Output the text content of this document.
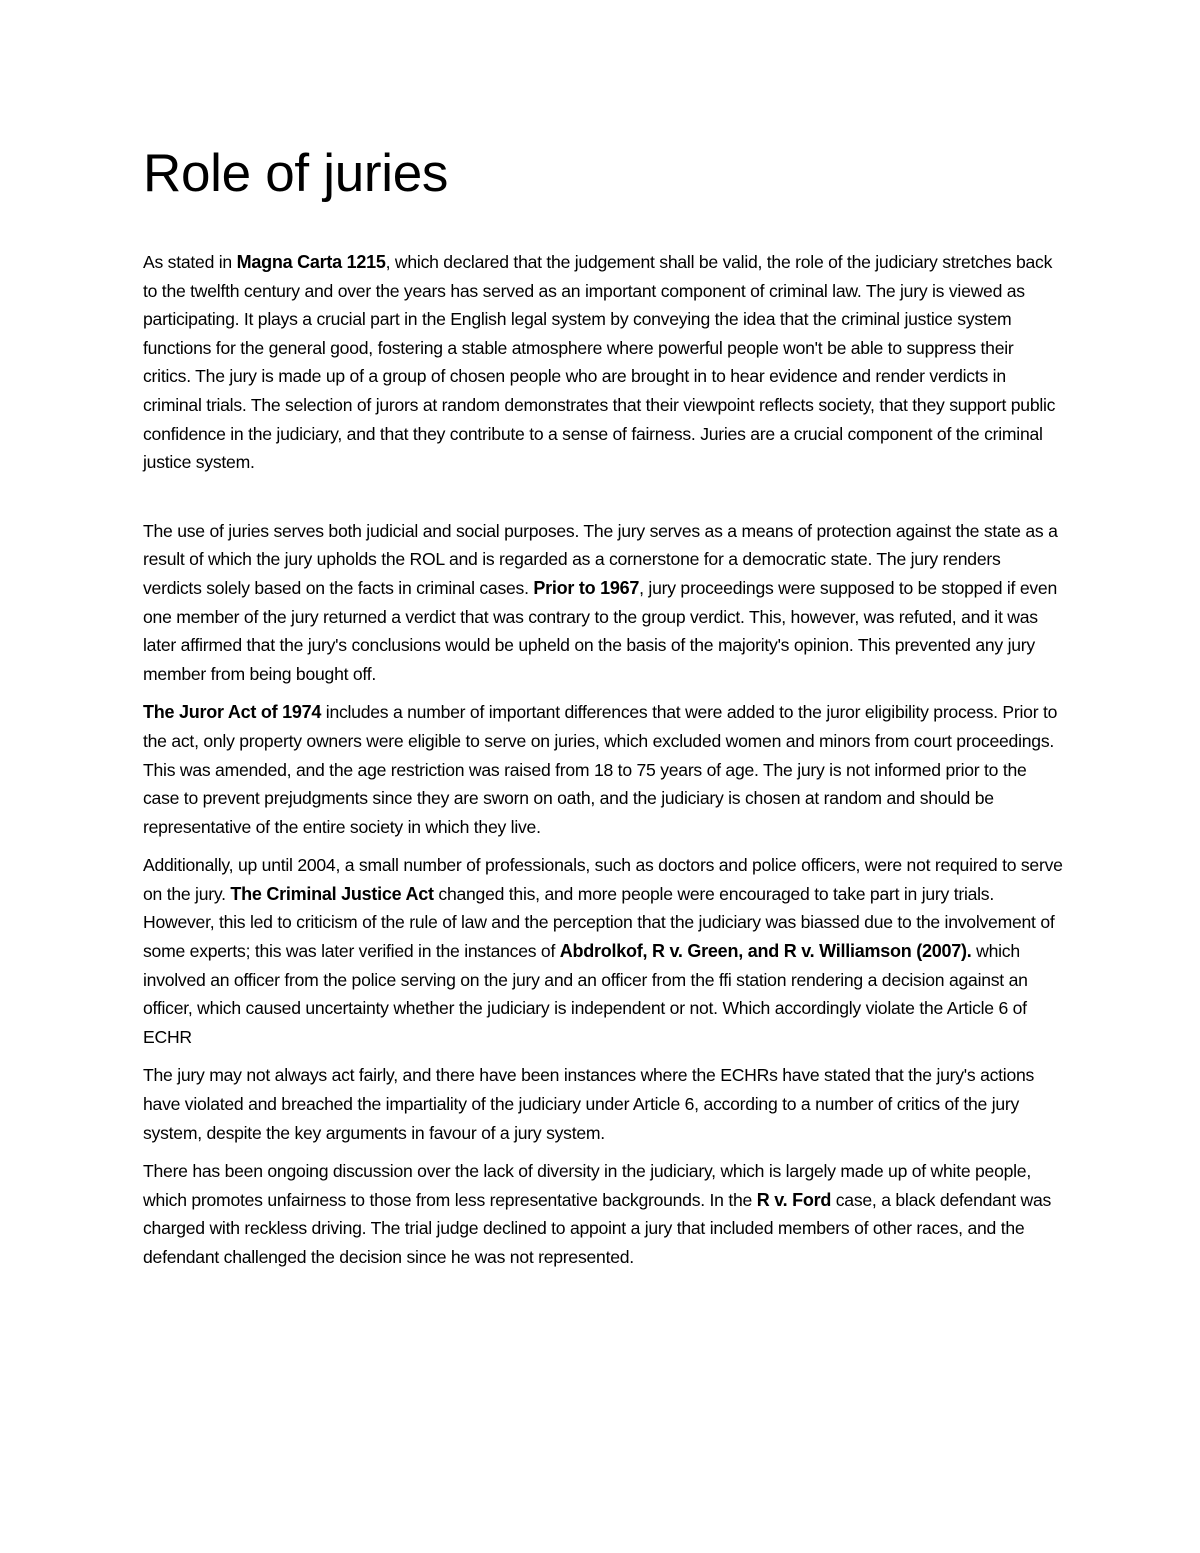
Role of juries

As stated in Magna Carta 1215, which declared that the judgement shall be valid, the role of the judiciary stretches back to the twelfth century and over the years has served as an important component of criminal law. The jury is viewed as participating. It plays a crucial part in the English legal system by conveying the idea that the criminal justice system functions for the general good, fostering a stable atmosphere where powerful people won't be able to suppress their critics. The jury is made up of a group of chosen people who are brought in to hear evidence and render verdicts in criminal trials. The selection of jurors at random demonstrates that their viewpoint reflects society, that they support public confidence in the judiciary, and that they contribute to a sense of fairness. Juries are a crucial component of the criminal justice system.

The use of juries serves both judicial and social purposes. The jury serves as a means of protection against the state as a result of which the jury upholds the ROL and is regarded as a cornerstone for a democratic state. The jury renders verdicts solely based on the facts in criminal cases. Prior to 1967, jury proceedings were supposed to be stopped if even one member of the jury returned a verdict that was contrary to the group verdict. This, however, was refuted, and it was later affirmed that the jury's conclusions would be upheld on the basis of the majority's opinion. This prevented any jury member from being bought off.

The Juror Act of 1974 includes a number of important differences that were added to the juror eligibility process. Prior to the act, only property owners were eligible to serve on juries, which excluded women and minors from court proceedings. This was amended, and the age restriction was raised from 18 to 75 years of age. The jury is not informed prior to the case to prevent prejudgments since they are sworn on oath, and the judiciary is chosen at random and should be representative of the entire society in which they live.

Additionally, up until 2004, a small number of professionals, such as doctors and police officers, were not required to serve on the jury. The Criminal Justice Act changed this, and more people were encouraged to take part in jury trials. However, this led to criticism of the rule of law and the perception that the judiciary was biassed due to the involvement of some experts; this was later verified in the instances of Abdrolkof, R v. Green, and R v. Williamson (2007). which involved an officer from the police serving on the jury and an officer from the ffi station rendering a decision against an officer, which caused uncertainty whether the judiciary is independent or not. Which accordingly violate the Article 6 of ECHR

The jury may not always act fairly, and there have been instances where the ECHRs have stated that the jury's actions have violated and breached the impartiality of the judiciary under Article 6, according to a number of critics of the jury system, despite the key arguments in favour of a jury system.

There has been ongoing discussion over the lack of diversity in the judiciary, which is largely made up of white people, which promotes unfairness to those from less representative backgrounds. In the R v. Ford case, a black defendant was charged with reckless driving. The trial judge declined to appoint a jury that included members of other races, and the defendant challenged the decision since he was not represented.
